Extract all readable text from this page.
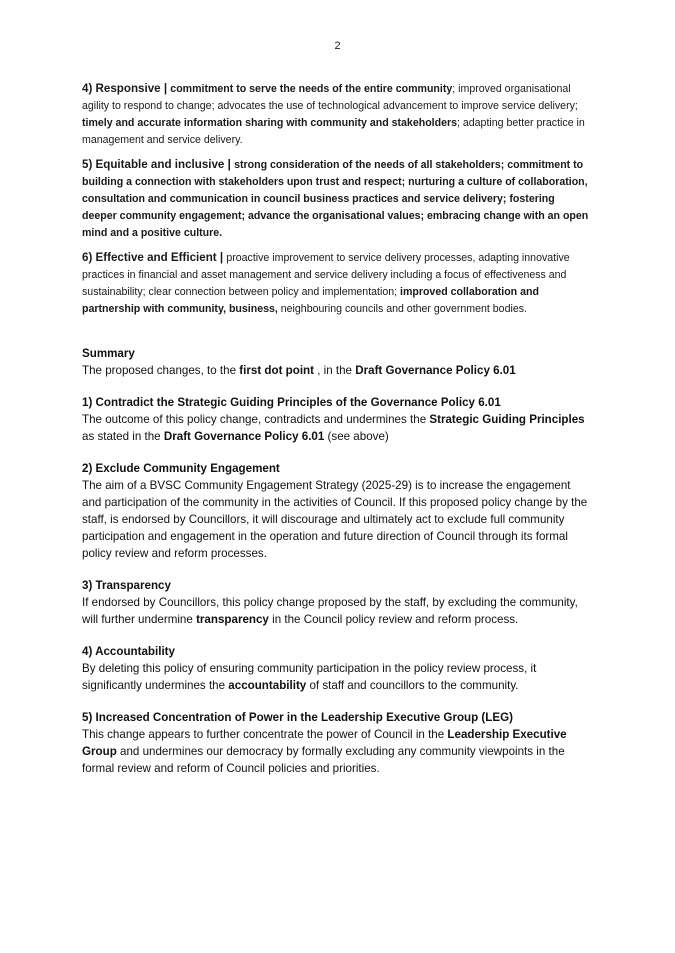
2

4) Responsive | commitment to serve the needs of the entire community; improved organisational agility to respond to change; advocates the use of technological advancement to improve service delivery; timely and accurate information sharing with community and stakeholders; adapting better practice in management and service delivery.

5) Equitable and inclusive | strong consideration of the needs of all stakeholders; commitment to building a connection with stakeholders upon trust and respect; nurturing a culture of collaboration, consultation and communication in council business practices and service delivery; fostering deeper community engagement; advance the organisational values; embracing change with an open mind and a positive culture.

6) Effective and Efficient | proactive improvement to service delivery processes, adapting innovative practices in financial and asset management and service delivery including a focus of effectiveness and sustainability; clear connection between policy and implementation; improved collaboration and partnership with community, business, neighbouring councils and other government bodies.

Summary
The proposed changes, to the first dot point , in the Draft Governance Policy 6.01
1) Contradict the Strategic Guiding Principles of the Governance Policy 6.01
The outcome of this policy change, contradicts and undermines the Strategic Guiding Principles as stated in the Draft Governance Policy 6.01 (see above)
2) Exclude Community Engagement
The aim of a BVSC Community Engagement Strategy (2025-29) is to increase the engagement and participation of the community in the activities of Council. If this proposed policy change by the staff, is endorsed by Councillors, it will discourage and ultimately act to exclude full community participation and engagement in the operation and future direction of Council through its formal policy review and reform processes.
3) Transparency
If endorsed by Councillors, this policy change proposed by the staff, by excluding the community, will further undermine transparency in the Council policy review and reform process.
4) Accountability
By deleting this policy of ensuring community participation in the policy review process, it significantly undermines the accountability of staff and councillors to the community.
5) Increased Concentration of Power in the Leadership Executive Group (LEG)
This change appears to further concentrate the power of Council in the Leadership Executive Group and undermines our democracy by formally excluding any community viewpoints in the formal review and reform of Council policies and priorities.
